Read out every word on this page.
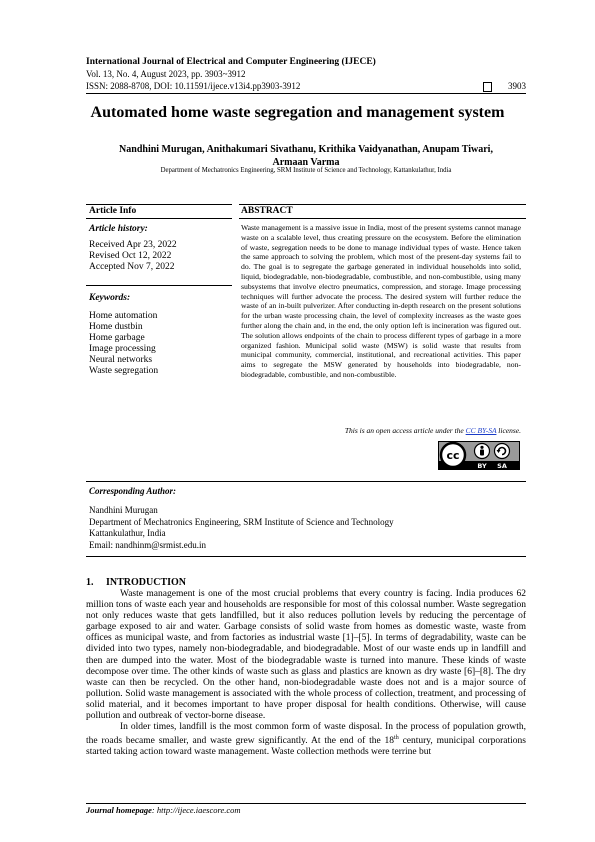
International Journal of Electrical and Computer Engineering (IJECE)
Vol. 13, No. 4, August 2023, pp. 3903~3912
ISSN: 2088-8708, DOI: 10.11591/ijece.v13i4.pp3903-3912	3903
Automated home waste segregation and management system
Nandhini Murugan, Anithakumari Sivathanu, Krithika Vaidyanathan, Anupam Tiwari,
Armaan Varma
Department of Mechatronics Engineering, SRM Institute of Science and Technology, Kattankulathur, India
Article Info	ABSTRACT
Article history:
Received Apr 23, 2022
Revised Oct 12, 2022
Accepted Nov 7, 2022
Keywords:
Home automation
Home dustbin
Home garbage
Image processing
Neural networks
Waste segregation
Waste management is a massive issue in India, most of the present systems cannot manage waste on a scalable level, thus creating pressure on the ecosystem. Before the elimination of waste, segregation needs to be done to manage individual types of waste. Hence taken the same approach to solving the problem, which most of the present-day systems fail to do. The goal is to segregate the garbage generated in individual households into solid, liquid, biodegradable, non-biodegradable, combustible, and non-combustible, using many subsystems that involve electro pneumatics, compression, and storage. Image processing techniques will further advocate the process. The desired system will further reduce the waste of an in-built pulverizer. After conducting in-depth research on the present solutions for the urban waste processing chain, the level of complexity increases as the waste goes further along the chain and, in the end, the only option left is incineration was figured out. The solution allows endpoints of the chain to process different types of garbage in a more organized fashion. Municipal solid waste (MSW) is solid waste that results from municipal community, commercial, institutional, and recreational activities. This paper aims to segregate the MSW generated by households into biodegradable, non-biodegradable, combustible, and non-combustible.
This is an open access article under the CC BY-SA license.
cc
BY SA
Corresponding Author:
Nandhini Murugan
Department of Mechatronics Engineering, SRM Institute of Science and Technology
Kattankulathur, India
Email: nandhinm@srmist.edu.in
1.     INTRODUCTION

Waste management is one of the most crucial problems that every country is facing. India produces 62 million tons of waste each year and households are responsible for most of this colossal number. Waste segregation not only reduces waste that gets landfilled, but it also reduces pollution levels by reducing the percentage of garbage exposed to air and water. Garbage consists of solid waste from homes as domestic waste, waste from offices as municipal waste, and from factories as industrial waste [1]–[5]. In terms of degradability, waste can be divided into two types, namely non-biodegradable, and biodegradable. Most of our waste ends up in landfill and then are dumped into the water. Most of the biodegradable waste is turned into manure. These kinds of waste decompose over time. The other kinds of waste such as glass and plastics are known as dry waste [6]–[8]. The dry waste can then be recycled. On the other hand, non-biodegradable waste does not and is a major source of pollution. Solid waste management is associated with the whole process of collection, treatment, and processing of solid material, and it becomes important to have proper disposal for health conditions. Otherwise, will cause pollution and outbreak of vector-borne disease.

In older times, landfill is the most common form of waste disposal. In the process of population growth, the roads became smaller, and waste grew significantly. At the end of the 18th century, municipal corporations started taking action toward waste management. Waste collection methods were terrine but

Journal homepage: http://ijece.iaescore.com
